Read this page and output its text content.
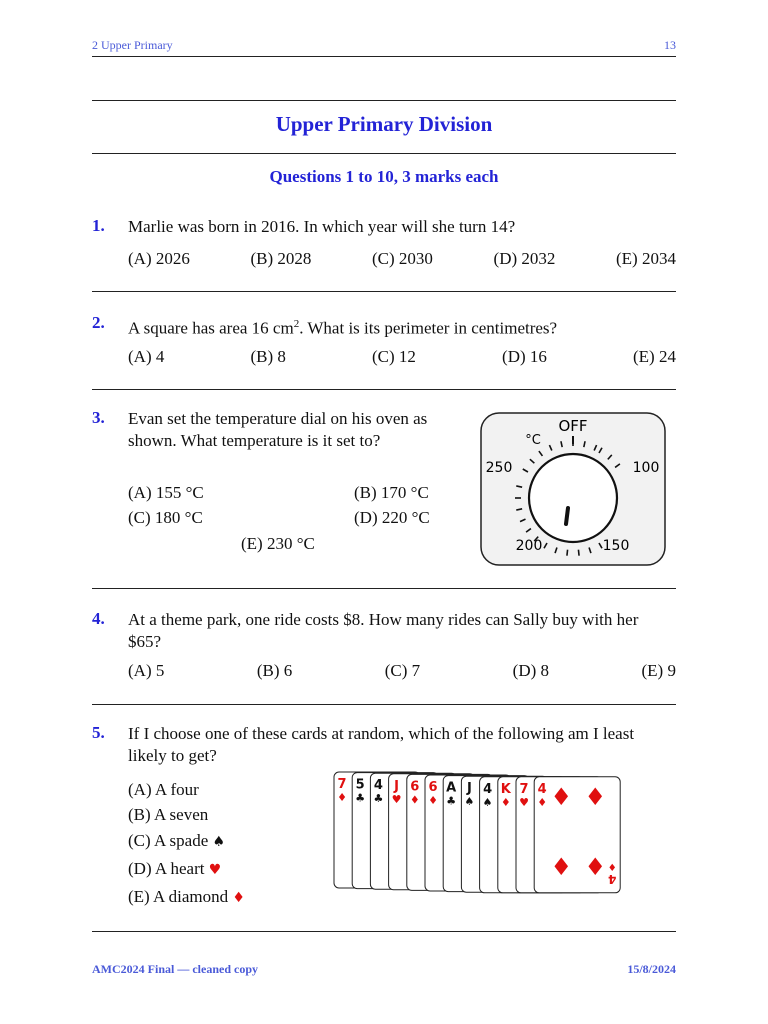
2 Upper Primary	13
Upper Primary Division
Questions 1 to 10, 3 marks each
1. Marlie was born in 2016. In which year will she turn 14?
(A) 2026	(B) 2028	(C) 2030	(D) 2032	(E) 2034
2. A square has area 16 $cm^2$. What is its perimeter in centimetres?
(A) 4	(B) 8	(C) 12	(D) 16	(E) 24
3. Evan set the temperature dial on his oven as shown. What temperature is it set to?
(A) 155 °C	(B) 170 °C
(C) 180 °C	(D) 220 °C
(E) 230 °C
OFF
°C
250	100
200	150
4. At a theme park, one ride costs $8. How many rides can Sally buy with her $65?
(A) 5	(B) 6	(C) 7	(D) 8	(E) 9
5. If I choose one of these cards at random, which of the following am I least likely to get?
(A) A four
(B) A seven
(C) A spade ♠
(D) A heart ♥
(E) A diamond ♦
7
♦
5
♣
4
♣
J
♥
6
♦
6
♦
A
♣
J
♠
4
♠
K
♦
7
♥
4
♦ ♦ ♦
♦ ♦ 4
♦
AMC2024 Final — cleaned copy	15/8/2024
